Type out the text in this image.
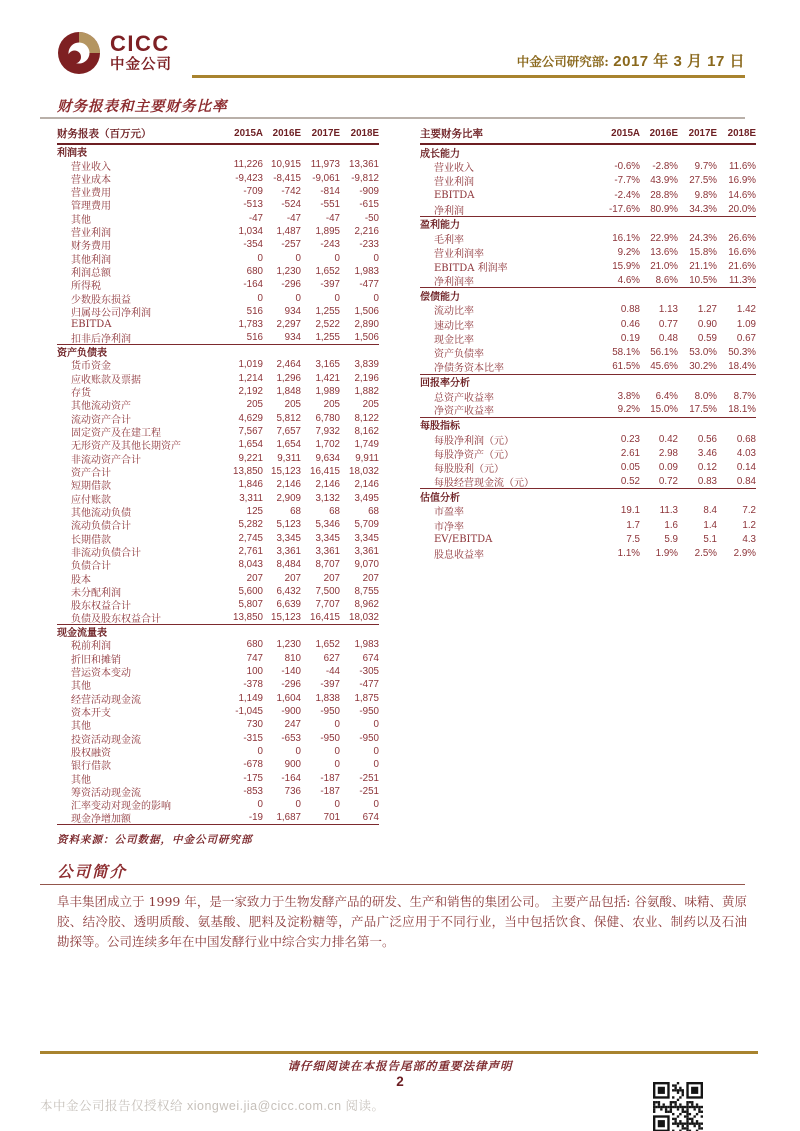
CICC
中金公司	中金公司研究部: 2017 年 3 月 17 日
财务报表和主要财务比率
财务报表（百万元）	2015A 2016E	2017E	2018E
利润表
营业收入	11,226 10,915 11,973 13,361
营业成本	-9,423	-8,415	-9,061	-9,812
营业费用	-709	-742	-814	-909
管理费用	-513	-524	-551	-615
其他	-47	-47	-47	-50
营业利润	1,034	1,487	1,895	2,216
财务费用	-354	-257	-243	-233
其他利润	0	0	0	0
利润总额	680	1,230	1,652	1,983
所得税	-164	-296	-397	-477
少数股东损益	0	0	0	0
归属母公司净利润	516	934	1,255	1,506
EBITDA	1,783	2,297	2,522	2,890
扣非后净利润	516	934	1,255	1,506
资产负债表
货币资金	1,019	2,464	3,165	3,839
应收账款及票据	1,214	1,296	1,421	2,196
存货	2,192	1,848	1,989	1,882
其他流动资产	205	205	205	205
流动资产合计	4,629	5,812	6,780	8,122
固定资产及在建工程	7,567	7,657	7,932	8,162
无形资产及其他长期资产	1,654	1,654	1,702	1,749
非流动资产合计	9,221	9,311	9,634	9,911
资产合计	13,850 15,123 16,415 18,032
短期借款	1,846	2,146	2,146	2,146
应付账款	3,311	2,909	3,132	3,495
其他流动负债	125	68	68	68
流动负债合计	5,282	5,123	5,346	5,709
长期借款	2,745	3,345	3,345	3,345
非流动负债合计	2,761	3,361	3,361	3,361
负债合计	8,043	8,484	8,707	9,070
股本	207	207	207	207
未分配利润	5,600	6,432	7,500	8,755
股东权益合计	5,807	6,639	7,707	8,962
负债及股东权益合计	13,850 15,123 16,415 18,032
现金流量表
税前利润	680	1,230	1,652	1,983
折旧和摊销	747	810	627	674
营运资本变动	100	-140	-44	-305
其他	-378	-296	-397	-477
经营活动现金流	1,149	1,604	1,838	1,875
资本开支	-1,045	-900	-950	-950
其他	730	247	0	0
投资活动现金流	-315	-653	-950	-950
股权融资	0	0	0	0
银行借款	-678	900	0	0
其他	-175	-164	-187	-251
筹资活动现金流	-853	736	-187	-251
汇率变动对现金的影响	0	0	0	0
现金净增加额	-19	1,687	701	674
主要财务比率	2015A 2016E	2017E	2018E
成长能力
营业收入	-0.6%	-2.8%	9.7%	11.6%
营业利润	-7.7%	43.9%	27.5%	16.9%
EBITDA	-2.4%	28.8%	9.8%	14.6%
净利润	-17.6%	80.9%	34.3%	20.0%
盈利能力
毛利率	16.1%	22.9%	24.3%	26.6%
营业利润率	9.2%	13.6%	15.8%	16.6%
EBITDA 利润率	15.9%	21.0%	21.1%	21.6%
净利润率	4.6%	8.6%	10.5%	11.3%
偿债能力
流动比率	0.88	1.13	1.27	1.42
速动比率	0.46	0.77	0.90	1.09
现金比率	0.19	0.48	0.59	0.67
资产负债率	58.1%	56.1%	53.0%	50.3%
净债务资本比率	61.5%	45.6%	30.2%	18.4%
回报率分析
总资产收益率	3.8%	6.4%	8.0%	8.7%
净资产收益率	9.2%	15.0%	17.5%	18.1%
每股指标
每股净利润（元）	0.23	0.42	0.56	0.68
每股净资产（元）	2.61	2.98	3.46	4.03
每股股利（元）	0.05	0.09	0.12	0.14
每股经营现金流（元）	0.52	0.72	0.83	0.84
估值分析
市盈率	19.1	11.3	8.4	7.2
市净率	1.7	1.6	1.4	1.2
EV/EBITDA	7.5	5.9	5.1	4.3
股息收益率	1.1%	1.9%	2.5%	2.9%
资料来源：公司数据，中金公司研究部
公司简介
阜丰集团成立于 1999 年，是一家致力于生物发酵产品的研发、生产和销售的集团公司。 主要产品包括: 谷氨酸、味精、黄原胶、结冷胶、透明质酸、氨基酸、肥料及淀粉糖等，产品广泛应用于不同行业，当中包括饮食、保健、农业、制药以及石油 勘探等。公司连续多年在中国发酵行业中综合实力排名第一。
请仔细阅读在本报告尾部的重要法律声明
2
本中金公司报告仅授权给 xiongwei.jia@cicc.com.cn 阅读。
